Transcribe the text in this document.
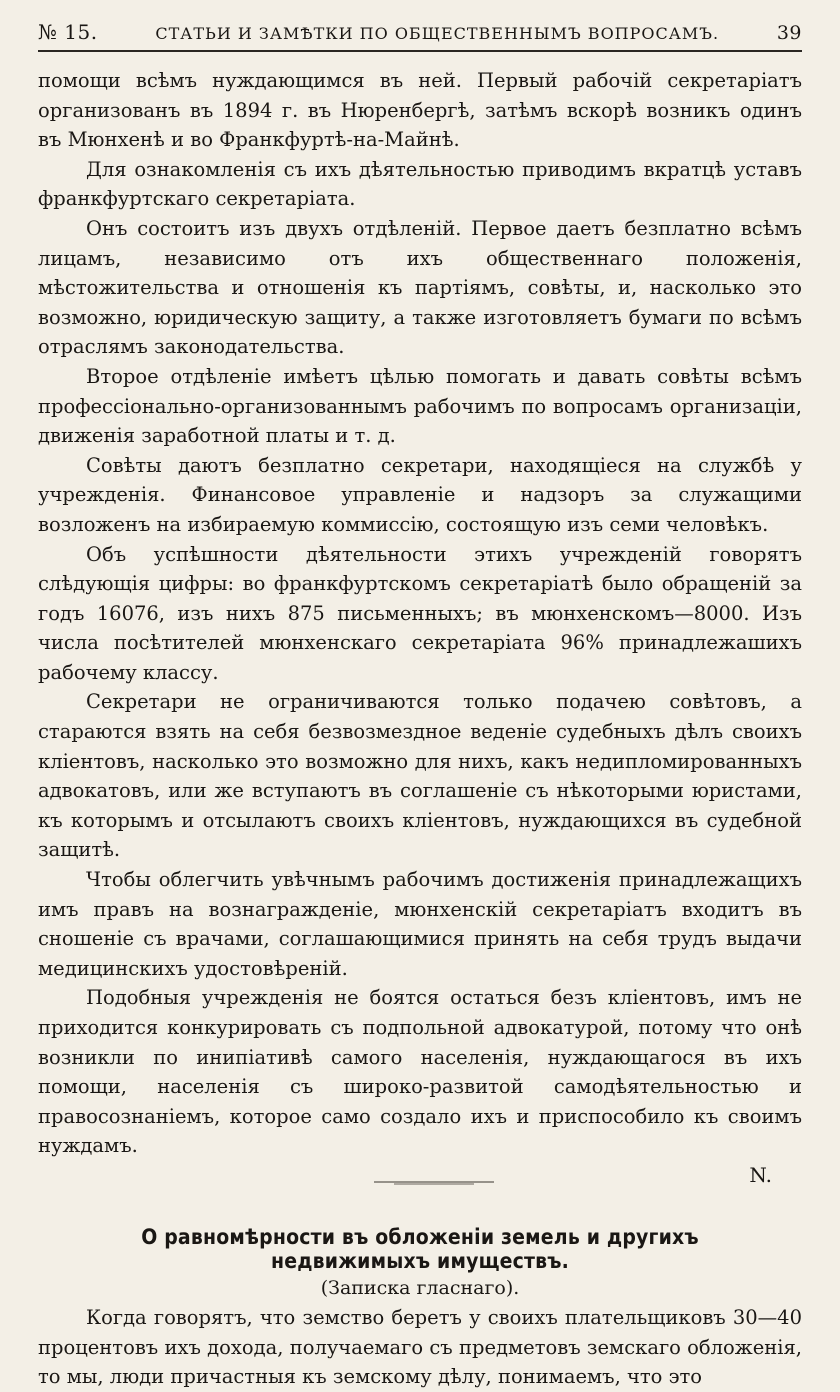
№ 15.	СТАТЬИ И ЗАМѢТКИ ПО ОБЩЕСТВЕННЫМЪ ВОПРОСАМЪ.	39

помощи всѣмъ нуждающимся въ ней. Первый рабочій секретаріатъ организованъ въ 1894 г. въ Нюренбергѣ, затѣмъ вскорѣ возникъ одинъ въ Мюнхенѣ и во Франкфуртѣ-на-Майнѣ.

Для ознакомленія съ ихъ дѣятельностью приводимъ вкратцѣ уставъ франкфуртскаго секретаріата.

Онъ состоитъ изъ двухъ отдѣленій. Первое даетъ безплатно всѣмъ лицамъ, независимо отъ ихъ общественнаго положенія, мѣстожительства и отношенія къ партіямъ, совѣты, и, насколько это возможно, юридическую защиту, а также изготовляетъ бумаги по всѣмъ отраслямъ законодательства.

Второе отдѣленіе имѣетъ цѣлью помогать и давать совѣты всѣмъ профессіонально-организованнымъ рабочимъ по вопросамъ организаціи, движенія заработной платы и т. д.

Совѣты даютъ безплатно секретари, находящіеся на службѣ у учрежденія. Финансовое управленіе и надзоръ за служащими возложенъ на избираемую коммиссію, состоящую изъ семи человѣкъ.

Объ успѣшности дѣятельности этихъ учрежденій говорятъ слѣдующія цифры: во франкфуртскомъ секретаріатѣ было обращеній за годъ 16076, изъ нихъ 875 письменныхъ; въ мюнхенскомъ—8000. Изъ числа посѣтителей мюнхенскаго секретаріата 96% принадлежашихъ рабочему классу.

Секретари не ограничиваются только подачею совѣтовъ, а стараются взять на себя безвозмездное веденіе судебныхъ дѣлъ своихъ кліентовъ, насколько это возможно для нихъ, какъ недипломированныхъ адвокатовъ, или же вступаютъ въ соглашеніе съ нѣкоторыми юристами, къ которымъ и отсылаютъ своихъ кліентовъ, нуждающихся въ судебной защитѣ.

Чтобы облегчить увѣчнымъ рабочимъ достиженія принадлежащихъ имъ правъ на вознагражденіе, мюнхенскій секретаріатъ входитъ въ сношеніе съ врачами, соглашающимися принять на себя трудъ выдачи медицинскихъ удостовѣреній.

Подобныя учрежденія не боятся остаться безъ кліентовъ, имъ не приходится конкурировать съ подпольной адвокатурой, потому что онѣ возникли по инипіативѣ самого населенія, нуждающагося въ ихъ помощи, населенія съ широко-развитой самодѣятельностью и правосознаніемъ, которое само создало ихъ и приспособило къ своимъ нуждамъ.

N.
О равномѣрности въ обложеніи земель и другихъ недвижимыхъ имуществъ.
(Записка гласнаго).

Когда говорятъ, что земство беретъ у своихъ плательщиковъ 30—40 процентовъ ихъ дохода, получаемаго съ предметовъ земскаго обложенія, то мы, люди причастныя къ земскому дѣлу, понимаемъ, что это
